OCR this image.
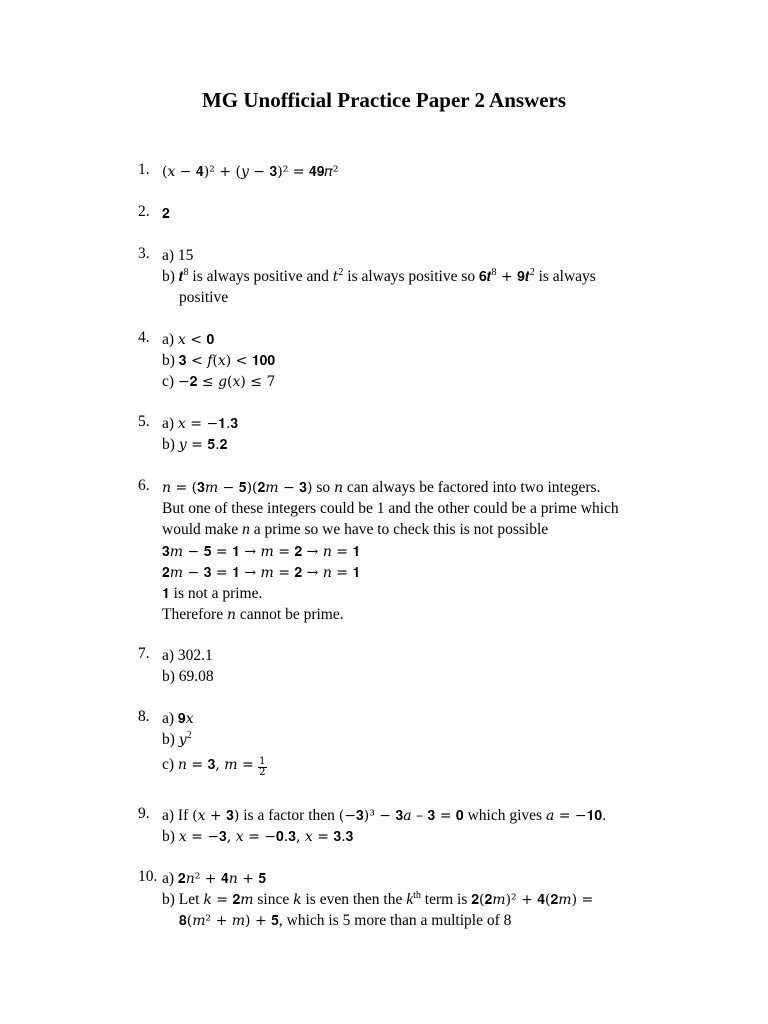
MG Unofficial Practice Paper 2 Answers
1. (𝑥 − 𝟒)² + (𝑦 − 𝟑)² = 𝟒𝟗𝜋²
2. 𝟐
3. a) 15
b) 𝒕$^8$ is always positive and 𝑡$^2$ is always positive so 𝟔𝒕$^8$ + 𝟗𝒕$^2$ is always
positive
4. a) 𝑥 < 𝟎
b) 𝟑 < 𝑓(𝑥) < 𝟏𝟎𝟎
c) −𝟐 ≤ 𝑔(𝑥) ≤ 7
5. a) 𝑥 = −𝟏.𝟑
b) 𝑦 = 𝟓.𝟐
6. 𝑛 = (𝟑𝑚 − 𝟓)(𝟐𝑚 − 𝟑) so 𝑛 can always be factored into two integers.
But one of these integers could be 1 and the other could be a prime which
would make n a prime so we have to check this is not possible
𝟑𝑚 − 𝟓 = 𝟏 → 𝑚 = 𝟐 → 𝑛 = 𝟏
𝟐𝑚 − 𝟑 = 𝟏 → 𝑚 = 𝟐 → 𝑛 = 𝟏
𝟏 is not a prime.
Therefore 𝑛 cannot be prime.
7. a) 302.1
b) 69.08
8. a) 𝟗𝑥
b) 𝑦$^2$
c) 𝑛 = 𝟑, 𝑚 = $\frac{1}{2}$
9. a) If (𝑥 + 𝟑) is a factor then (−𝟑)³ − 𝟑𝑎 – 𝟑 = 𝟎 which gives 𝑎 = −𝟏𝟎.
b) 𝑥 = −𝟑, 𝑥 = −𝟎.𝟑, 𝑥 = 𝟑.𝟑
10. a) 𝟐𝑛² + 𝟒𝑛 + 𝟓
b) Let 𝑘 = 𝟐𝑚 since 𝑘 is even then the $k^{th}$ term is 𝟐(𝟐𝑚)² + 𝟒(𝟐𝑚) =
𝟖(𝑚² + 𝑚) + 𝟓, which is 5 more than a multiple of 8
